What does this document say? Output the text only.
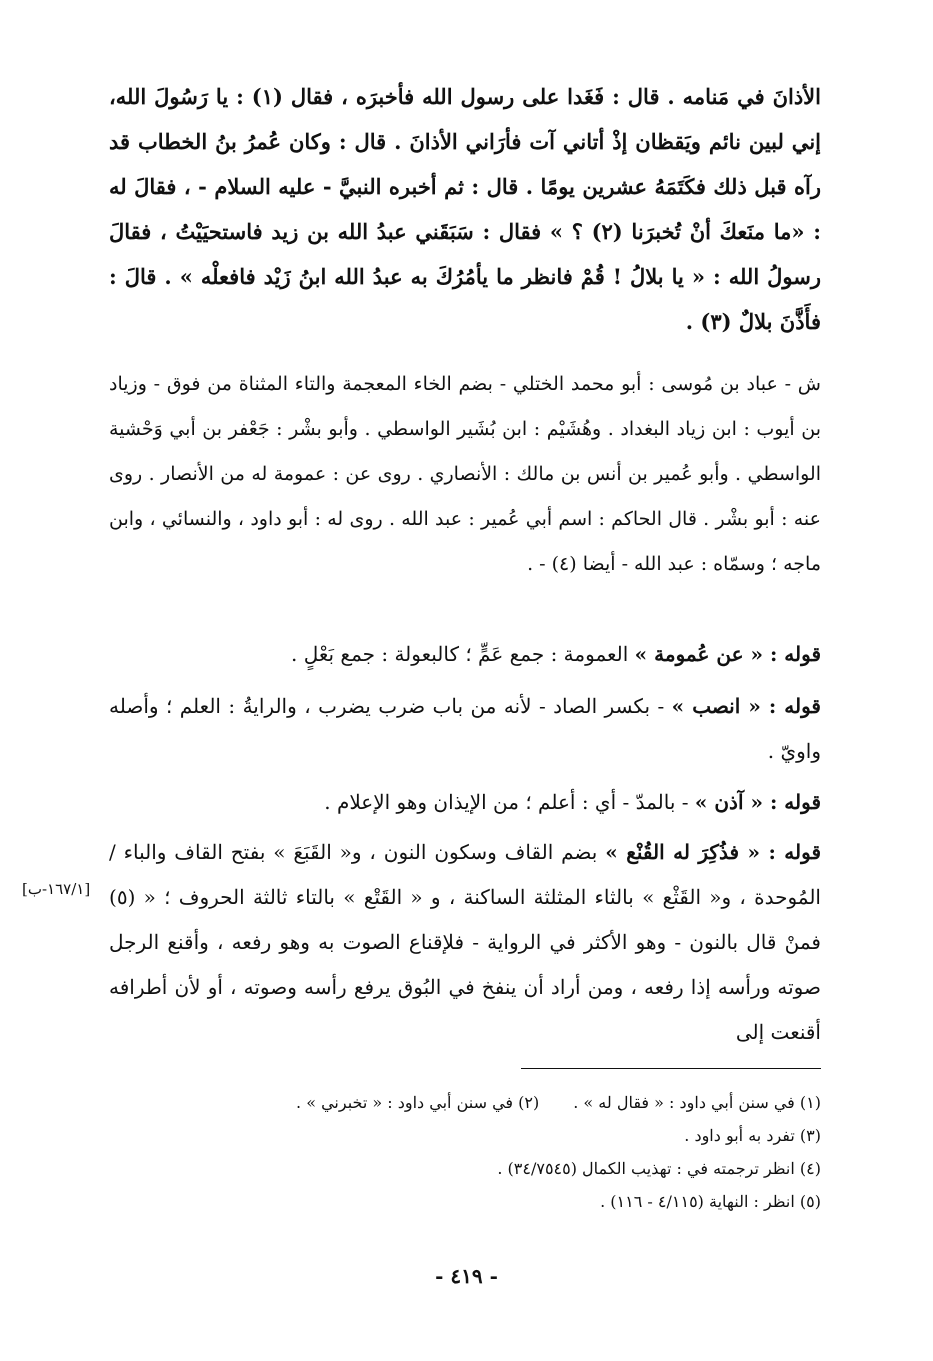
الأذانَ في مَنامه . قال : فَغَدا على رسول الله فأخبرَه ، فقال (١) : يا رَسُولَ الله، إني لبين نائم ويَقظان إذْ أتاني آت فأرَاني الأذانَ . قال : وكان عُمرُ بنُ الخطاب قد رآه قبل ذلك فكَتَمَهُ عشرين يومًا . قال : ثم أخبره النبيَّ - عليه السلام - ، فقالَ له : «ما منَعكَ أنْ تُخبرَنا (٢) ؟ » فقال : سَبَقَني عبدُ الله بن زيد فاستحيَيْتُ ، فقالَ رسولُ الله : « يا بلالُ ! قُمْ فانظر ما يأمُرُكَ به عبدُ الله ابنُ زَيْد فافعلْه » . قالَ : فأَذَّنَ بلالٌ (٣) .

ش - عباد بن مُوسى : أبو محمد الختلي - بضم الخاء المعجمة والتاء المثناة من فوق - وزياد بن أيوب : ابن زياد البغداد . وهُشَيْم : ابن بُشَير الواسطي . وأبو بشْر : جَعْفر بن أبي وَحْشية الواسطي . وأبو عُمير بن أنس بن مالك : الأنصاري . روى عن : عمومة له من الأنصار . روى عنه : أبو بشْر . قال الحاكم : اسم أبي عُمير : عبد الله . روى له : أبو داود ، والنسائي ، وابن ماجه ؛ وسمّاه : عبد الله - أيضا (٤) - .

قوله : « عن عُمومة » العمومة : جمع عَمٍّ ؛ كالبعولة : جمع بَعْلٍ .

قوله : « انصب » - بكسر الصاد - لأنه من باب ضرب يضرب ، والرايةُ : العلم ؛ وأصله واويّ .

قوله : « آذن » - بالمدّ - أي : أعلم ؛ من الإيذان وهو الإعلام .

قوله : « فذُكِرَ له القُنْع » بضم القاف وسكون النون ، و« القَبَعَ » بفتح القاف والباء / المُوحدة ، و« القَثْع » بالثاء المثلثة الساكنة ، و « القَتْع » بالتاء ثالثة الحروف ؛ « (٥) فمنْ قال بالنون - وهو الأكثر في الرواية - فلإقناع الصوت به وهو رفعه ، وأقنع الرجل صوته ورأسه إذا رفعه ، ومن أراد أن ينفخ في البُوق يرفع رأسه وصوته ، أو لأن أطرافه أقنعت إلى

[١٦٧/١-ب]
(١) في سنن أبي داود : « فقال له » .(٢) في سنن أبي داود : « تخبرني » .
(٣) تفرد به أبو داود .
(٤) انظر ترجمته في : تهذيب الكمال (٣٤/٧٥٤٥) .
(٥) انظر : النهاية (٤/١١٥ - ١١٦) .
- ٤١٩ -
